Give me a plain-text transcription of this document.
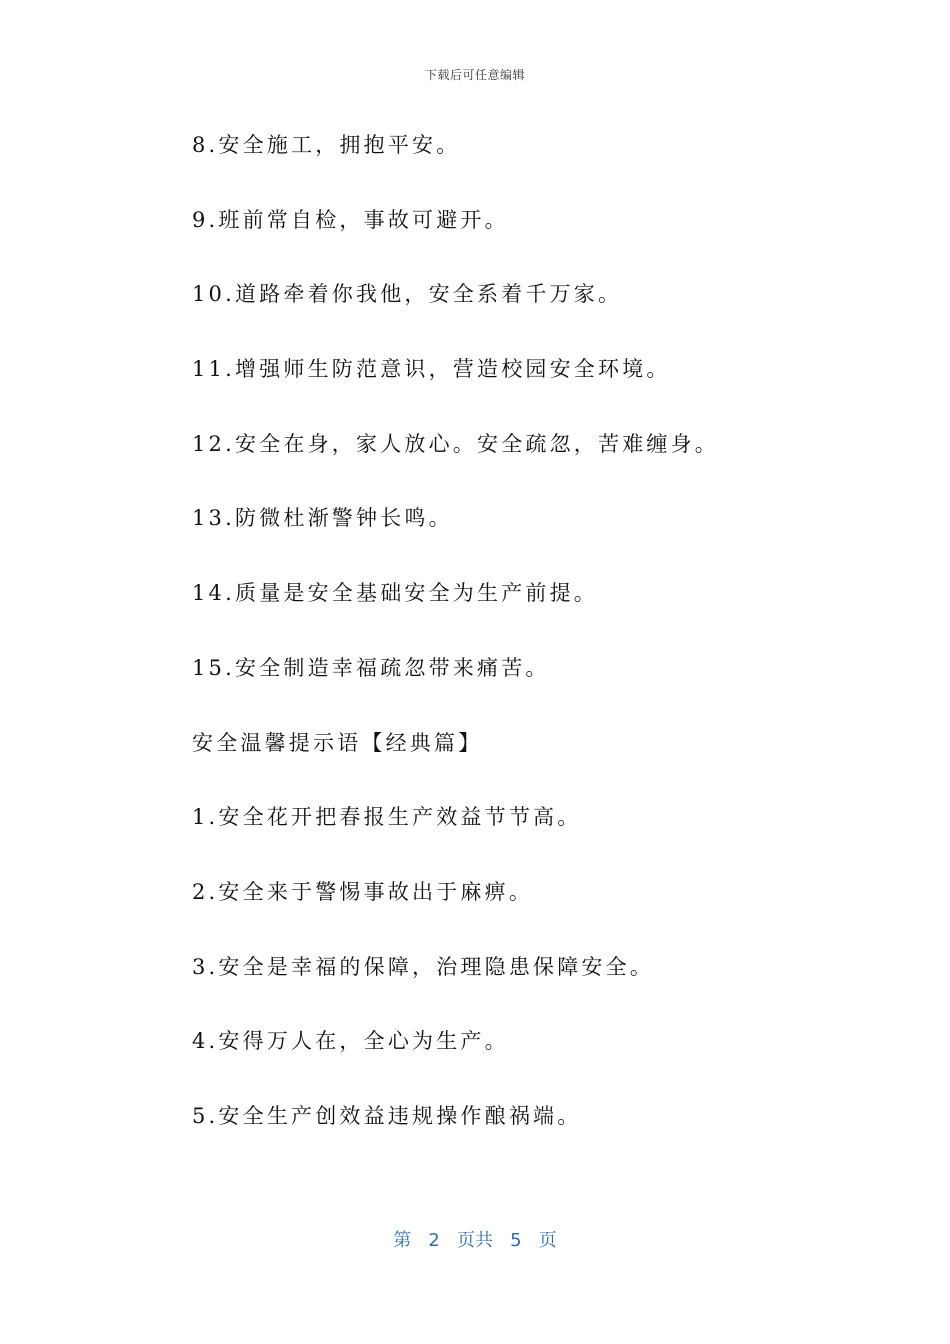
下载后可任意编辑
8.安全施工，拥抱平安。
9.班前常自检，事故可避开。
10.道路牵着你我他，安全系着千万家。
11.增强师生防范意识，营造校园安全环境。
12.安全在身，家人放心。安全疏忽，苦难缠身。
13.防微杜渐警钟长鸣。
14.质量是安全基础安全为生产前提。
15.安全制造幸福疏忽带来痛苦。
安全温馨提示语【经典篇】
1.安全花开把春报生产效益节节高。
2.安全来于警惕事故出于麻痹。
3.安全是幸福的保障，治理隐患保障安全。
4.安得万人在，全心为生产。
5.安全生产创效益违规操作酿祸端。
第 2 页共 5 页
